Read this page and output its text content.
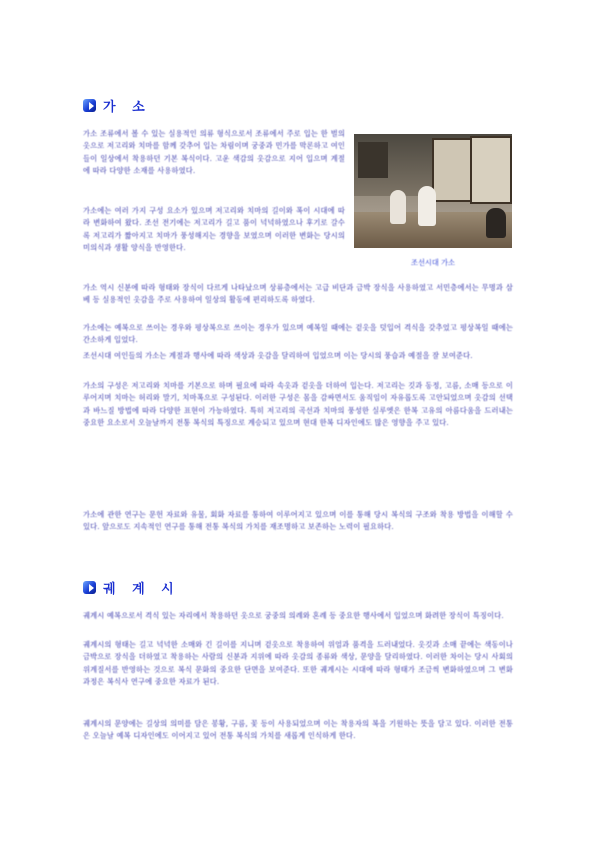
가 소

가소 조류에서 볼 수 있는 실용적인 의류 형식으로서 조류에서 주로 입는 한 벌의 옷으로 저고리와 치마를 함께 갖추어 입는 차림이며 궁중과 민가를 막론하고 여인들이 일상에서 착용하던 기본 복식이다. 고운 색감의 옷감으로 지어 입으며 계절에 따라 다양한 소재를 사용하였다.

가소에는 여러 가지 구성 요소가 있으며 저고리와 치마의 길이와 폭이 시대에 따라 변화하여 왔다. 조선 전기에는 저고리가 길고 품이 넉넉하였으나 후기로 갈수록 저고리가 짧아지고 치마가 풍성해지는 경향을 보였으며 이러한 변화는 당시의 미의식과 생활 양식을 반영한다.

조선시대 가소

가소 역시 신분에 따라 형태와 장식이 다르게 나타났으며 상류층에서는 고급 비단과 금박 장식을 사용하였고 서민층에서는 무명과 삼베 등 실용적인 옷감을 주로 사용하여 일상의 활동에 편리하도록 하였다.

가소에는 예복으로 쓰이는 경우와 평상복으로 쓰이는 경우가 있으며 예복일 때에는 겉옷을 덧입어 격식을 갖추었고 평상복일 때에는 간소하게 입었다.

조선시대 여인들의 가소는 계절과 행사에 따라 색상과 옷감을 달리하여 입었으며 이는 당시의 풍습과 예절을 잘 보여준다.

가소의 구성은 저고리와 치마를 기본으로 하며 필요에 따라 속옷과 겉옷을 더하여 입는다. 저고리는 깃과 동정, 고름, 소매 등으로 이루어지며 치마는 허리와 말기, 치마폭으로 구성된다. 이러한 구성은 몸을 감싸면서도 움직임이 자유롭도록 고안되었으며 옷감의 선택과 바느질 방법에 따라 다양한 표현이 가능하였다. 특히 저고리의 곡선과 치마의 풍성한 실루엣은 한복 고유의 아름다움을 드러내는 중요한 요소로서 오늘날까지 전통 복식의 특징으로 계승되고 있으며 현대 한복 디자인에도 많은 영향을 주고 있다.

가소에 관한 연구는 문헌 자료와 유물, 회화 자료를 통하여 이루어지고 있으며 이를 통해 당시 복식의 구조와 착용 방법을 이해할 수 있다. 앞으로도 지속적인 연구를 통해 전통 복식의 가치를 재조명하고 보존하는 노력이 필요하다.

궤 계 시

궤계시 예복으로서 격식 있는 자리에서 착용하던 옷으로 궁중의 의례와 혼례 등 중요한 행사에서 입었으며 화려한 장식이 특징이다.

궤계시의 형태는 길고 넉넉한 소매와 긴 길이를 지니며 겉옷으로 착용하여 위엄과 품격을 드러내었다. 옷깃과 소매 끝에는 색동이나 금박으로 장식을 더하였고 착용하는 사람의 신분과 지위에 따라 옷감의 종류와 색상, 문양을 달리하였다. 이러한 차이는 당시 사회의 위계질서를 반영하는 것으로 복식 문화의 중요한 단면을 보여준다. 또한 궤계시는 시대에 따라 형태가 조금씩 변화하였으며 그 변화 과정은 복식사 연구에 중요한 자료가 된다.

궤계시의 문양에는 길상의 의미를 담은 봉황, 구름, 꽃 등이 사용되었으며 이는 착용자의 복을 기원하는 뜻을 담고 있다. 이러한 전통은 오늘날 예복 디자인에도 이어지고 있어 전통 복식의 가치를 새롭게 인식하게 한다.
